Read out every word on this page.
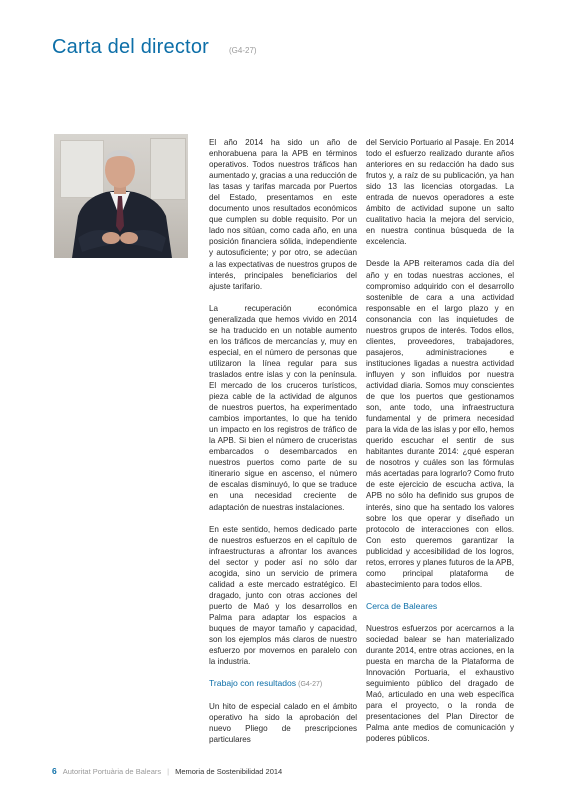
Carta del director	(G4-27)

El año 2014 ha sido un año de enhorabuena para la APB en términos operativos. Todos nuestros tráficos han aumentado y, gracias a una reducción de las tasas y tarifas marcada por Puertos del Estado, presentamos en este documento unos resultados económicos que cumplen su doble requisito. Por un lado nos sitúan, como cada año, en una posición financiera sólida, independiente y autosuficiente; y por otro, se adecúan a las expectativas de nuestros grupos de interés, principales beneficiarios del ajuste tarifario.

La recuperación económica generalizada que hemos vivido en 2014 se ha traducido en un notable aumento en los tráficos de mercancías y, muy en especial, en el número de personas que utilizaron la línea regular para sus traslados entre islas y con la península. El mercado de los cruceros turísticos, pieza cable de la actividad de algunos de nuestros puertos, ha experimentado cambios importantes, lo que ha tenido un impacto en los registros de tráfico de la APB. Si bien el número de cruceristas embarcados o desembarcados en nuestros puertos como parte de su itinerario sigue en ascenso, el número de escalas disminuyó, lo que se traduce en una necesidad creciente de adaptación de nuestras instalaciones.

En este sentido, hemos dedicado parte de nuestros esfuerzos en el capítulo de infraestructuras a afrontar los avances del sector y poder así no sólo dar acogida, sino un servicio de primera calidad a este mercado estratégico. El dragado, junto con otras acciones del puerto de Maó y los desarrollos en Palma para adaptar los espacios a buques de mayor tamaño y capacidad, son los ejemplos más claros de nuestro esfuerzo por movernos en paralelo con la industria.

Trabajo con resultados (G4-27)

Un hito de especial calado en el ámbito operativo ha sido la aprobación del nuevo Pliego de prescripciones particulares

del Servicio Portuario al Pasaje. En 2014 todo el esfuerzo realizado durante años anteriores en su redacción ha dado sus frutos y, a raíz de su publicación, ya han sido 13 las licencias otorgadas. La entrada de nuevos operadores a este ámbito de actividad supone un salto cualitativo hacia la mejora del servicio, en nuestra continua búsqueda de la excelencia.

Desde la APB reiteramos cada día del año y en todas nuestras acciones, el compromiso adquirido con el desarrollo sostenible de cara a una actividad responsable en el largo plazo y en consonancia con las inquietudes de nuestros grupos de interés. Todos ellos, clientes, proveedores, trabajadores, pasajeros, administraciones e instituciones ligadas a nuestra actividad influyen y son influidos por nuestra actividad diaria. Somos muy conscientes de que los puertos que gestionamos son, ante todo, una infraestructura fundamental y de primera necesidad para la vida de las islas y por ello, hemos querido escuchar el sentir de sus habitantes durante 2014: ¿qué esperan de nosotros y cuáles son las fórmulas más acertadas para lograrlo? Como fruto de este ejercicio de escucha activa, la APB no sólo ha definido sus grupos de interés, sino que ha sentado los valores sobre los que operar y diseñado un protocolo de interacciones con ellos. Con esto queremos garantizar la publicidad y accesibilidad de los logros, retos, errores y planes futuros de la APB, como principal plataforma de abastecimiento para todos ellos.

Cerca de Baleares

Nuestros esfuerzos por acercarnos a la sociedad balear se han materializado durante 2014, entre otras acciones, en la puesta en marcha de la Plataforma de Innovación Portuaria, el exhaustivo seguimiento público del dragado de Maó, articulado en una web específica para el proyecto, o la ronda de presentaciones del Plan Director de Palma ante medios de comunicación y poderes públicos.

6 Autoritat Portuària de Balears | Memoria de Sostenibilidad 2014
